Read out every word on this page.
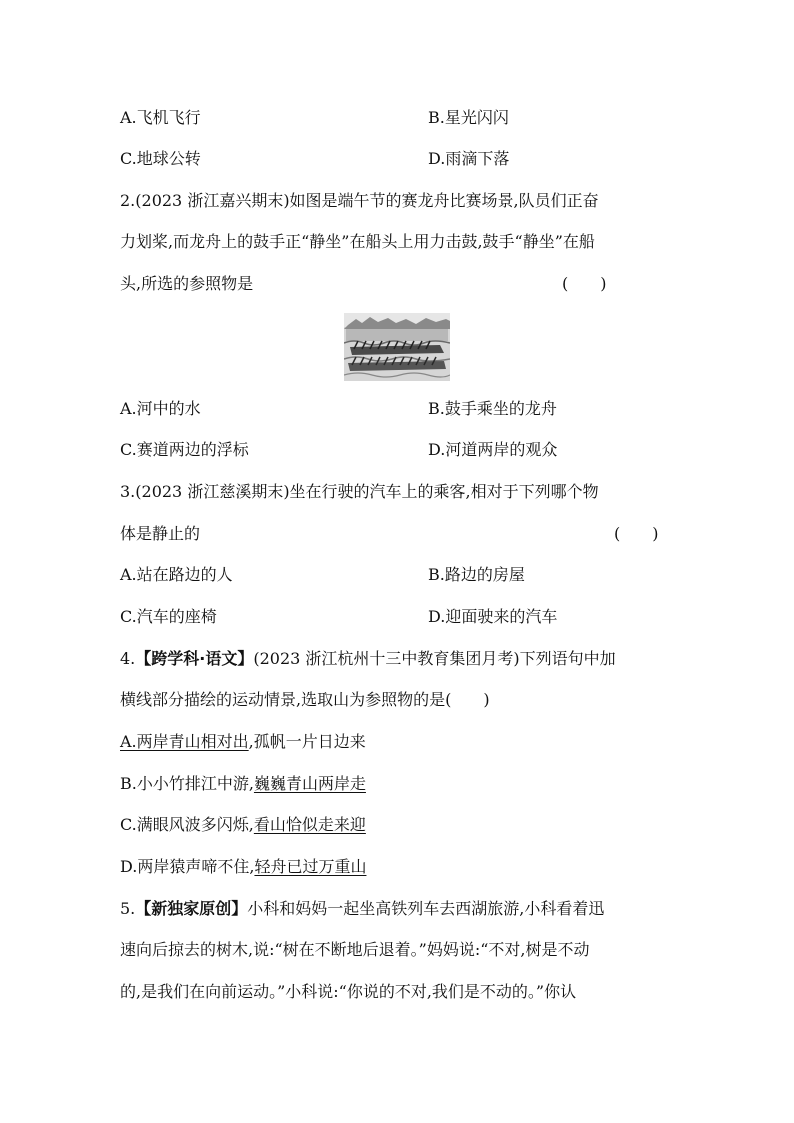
A.飞机飞行	B.星光闪闪
C.地球公转	D.雨滴下落
2.(2023 浙江嘉兴期末)如图是端午节的赛龙舟比赛场景,队员们正奋
力划桨,而龙舟上的鼓手正“静坐”在船头上用力击鼓,鼓手“静坐”在船
头,所选的参照物是	(　　)
A.河中的水	B.鼓手乘坐的龙舟
C.赛道两边的浮标	D.河道两岸的观众
3.(2023 浙江慈溪期末)坐在行驶的汽车上的乘客,相对于下列哪个物
体是静止的	(　　)
A.站在路边的人	B.路边的房屋
C.汽车的座椅	D.迎面驶来的汽车
4.【跨学科·语文】(2023 浙江杭州十三中教育集团月考)下列语句中加
横线部分描绘的运动情景,选取山为参照物的是(　　)
A.两岸青山相对出,孤帆一片日边来
B.小小竹排江中游,巍巍青山两岸走
C.满眼风波多闪烁,看山恰似走来迎
D.两岸猿声啼不住,轻舟已过万重山
5.【新独家原创】小科和妈妈一起坐高铁列车去西湖旅游,小科看着迅
速向后掠去的树木,说:“树在不断地后退着。”妈妈说:“不对,树是不动
的,是我们在向前运动。”小科说:“你说的不对,我们是不动的。”你认
